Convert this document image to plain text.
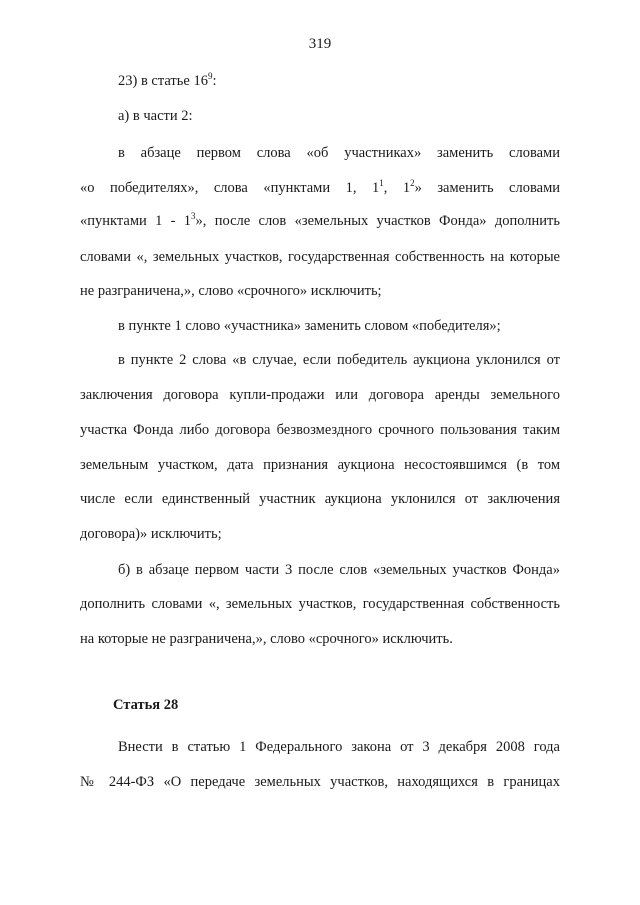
319
23) в статье $16^9$:
а) в части 2:
в абзаце первом слова «об участниках» заменить словами
«о победителях», слова «пунктами 1, $1^1$, $1^2$» заменить словами
«пунктами $1 - 1^3$», после слов «земельных участков Фонда» дополнить
словами «, земельных участков, государственная собственность на которые
не разграничена,», слово «срочного» исключить;
в пункте 1 слово «участника» заменить словом «победителя»;
в пункте 2 слова «в случае, если победитель аукциона уклонился от
заключения договора купли-продажи или договора аренды земельного
участка Фонда либо договора безвозмездного срочного пользования таким
земельным участком, дата признания аукциона несостоявшимся (в том
числе если единственный участник аукциона уклонился от заключения
договора)» исключить;
б) в абзаце первом части 3 после слов «земельных участков Фонда»
дополнить словами «, земельных участков, государственная собственность
на которые не разграничена,», слово «срочного» исключить.
Статья 28
Внести в статью 1 Федерального закона от 3 декабря 2008 года
№ 244-ФЗ «О передаче земельных участков, находящихся в границах
